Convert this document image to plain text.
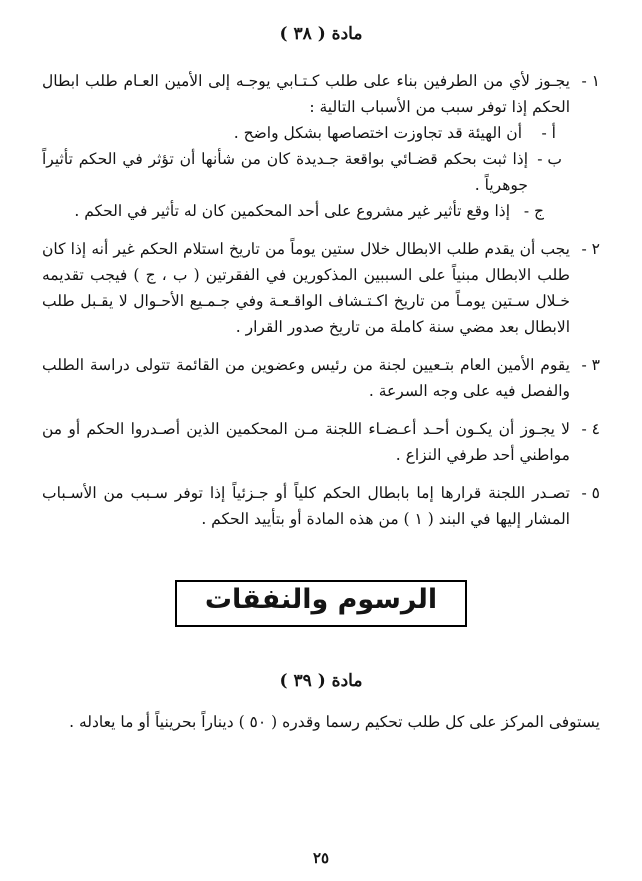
مادة ( ٣٨ )
١ -
يجـوز لأي من الطرفين بناء على طلب كـتـابي يوجـه إلى الأمين العـام طلب ابطال الحكم إذا توفر سبب من الأسباب التالية :
أ -
أن الهيئة قد تجاوزت اختصاصها بشكل واضح .
ب -
إذا ثبت بحكم قضـائي بواقعة جـديدة كان من شأنها أن تؤثر في الحكم تأثيراً جوهرياً .
ج -
إذا وقع تأثير غير مشروع على أحد المحكمين كان له تأثير في الحكم .
٢ -
يجب أن يقدم طلب الابطال خلال ستين يوماً من تاريخ استلام الحكم غير أنه إذا كان طلب الابطال مبنياً على السببين المذكورين في الفقرتين ( ب ، ج ) فيجب تقديمه خـلال سـتين يومـاً من تاريخ اكـتـشاف الواقـعـة وفي جـمـيع الأحـوال لا يقـبل طلب الابطال بعد مضي سنة كاملة من تاريخ صدور القرار .
٣ -
يقوم الأمين العام بتـعيين لجنة من رئيس وعضوين من القائمة تتولى دراسة الطلب والفصل فيه على وجه السرعة .
٤ -
لا يجـوز أن يكـون أحـد أعـضـاء اللجنة مـن المحكمين الذين أصـدروا الحكم أو من مواطني أحد طرفي النزاع .
٥ -
تصـدر اللجنة قرارها إما بابطال الحكم كلياً أو جـزئياً إذا توفر سـبب من الأسـباب المشار إليها في البند ( ١ ) من هذه المادة أو بتأييد الحكم .
الرسوم والنفقات
مادة ( ٣٩ )
يستوفى المركز على كل طلب تحكيم رسما وقدره ( ٥٠ ) ديناراً بحرينياً أو ما يعادله .
٢٥
